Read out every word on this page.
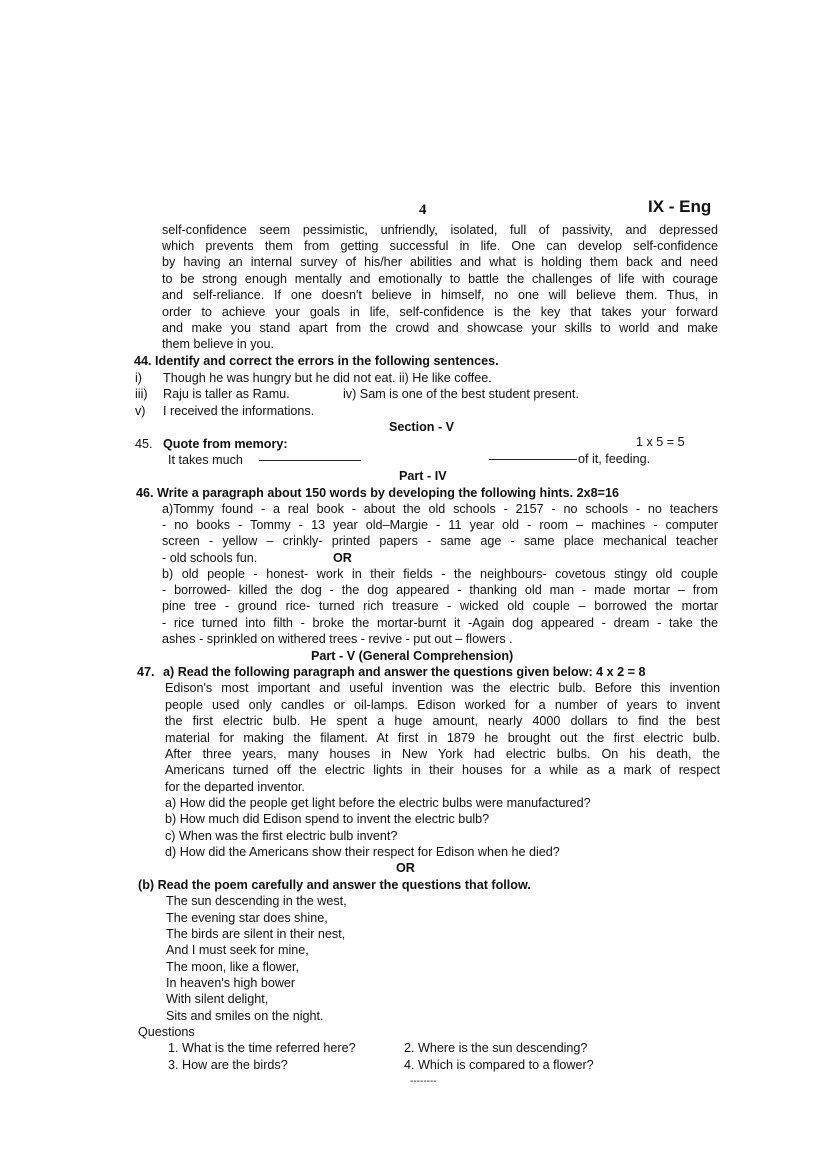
4	IX - Eng
self-confidence seem pessimistic, unfriendly, isolated, full of passivity, and depressed
which prevents them from getting successful in life. One can develop self-confidence
by having an internal survey of his/her abilities and what is holding them back and need
to be strong enough mentally and emotionally to battle the challenges of life with courage
and self-reliance. If one doesn't believe in himself, no one will believe them. Thus, in
order to achieve your goals in life, self-confidence is the key that takes your forward
and make you stand apart from the crowd and showcase your skills to world and make
them believe in you.
44. Identify and correct the errors in the following sentences.
i) Though he was hungry but he did not eat. ii) He like coffee.
iii) Raju is taller as Ramu.	iv) Sam is one of the best student present.
v) I received the informations.
Section - V
45. Quote from memory:	1 x 5 = 5
It takes much	of it, feeding.
Part - IV
46. Write a paragraph about 150 words by developing the following hints. 2x8=16
a)Tommy found - a real book - about the old schools - 2157 - no schools - no teachers
- no books - Tommy - 13 year old–Margie - 11 year old - room – machines - computer
screen - yellow – crinkly- printed papers - same age - same place mechanical teacher
- old schools fun.	OR
b) old people - honest- work in their fields - the neighbours- covetous stingy old couple
- borrowed- killed the dog - the dog appeared - thanking old man - made mortar – from
pine tree - ground rice- turned rich treasure - wicked old couple – borrowed the mortar
- rice turned into filth - broke the mortar-burnt it -Again dog appeared - dream - take the
ashes - sprinkled on withered trees - revive - put out – flowers .
Part - V (General Comprehension)
47. a) Read the following paragraph and answer the questions given below: 4 x 2 = 8
Edison's most important and useful invention was the electric bulb. Before this invention
people used only candles or oil-lamps. Edison worked for a number of years to invent
the first electric bulb. He spent a huge amount, nearly 4000 dollars to find the best
material for making the filament. At first in 1879 he brought out the first electric bulb.
After three years, many houses in New York had electric bulbs. On his death, the
Americans turned off the electric lights in their houses for a while as a mark of respect
for the departed inventor.
a) How did the people get light before the electric bulbs were manufactured?
b) How much did Edison spend to invent the electric bulb?
c) When was the first electric bulb invent?
d) How did the Americans show their respect for Edison when he died?
OR
(b) Read the poem carefully and answer the questions that follow.
The sun descending in the west,
The evening star does shine,
The birds are silent in their nest,
And I must seek for mine,
The moon, like a flower,
In heaven's high bower
With silent delight,
Sits and smiles on the night.
Questions
1. What is the time referred here?	2. Where is the sun descending?
3. How are the birds?	4. Which is compared to a flower?
--------
